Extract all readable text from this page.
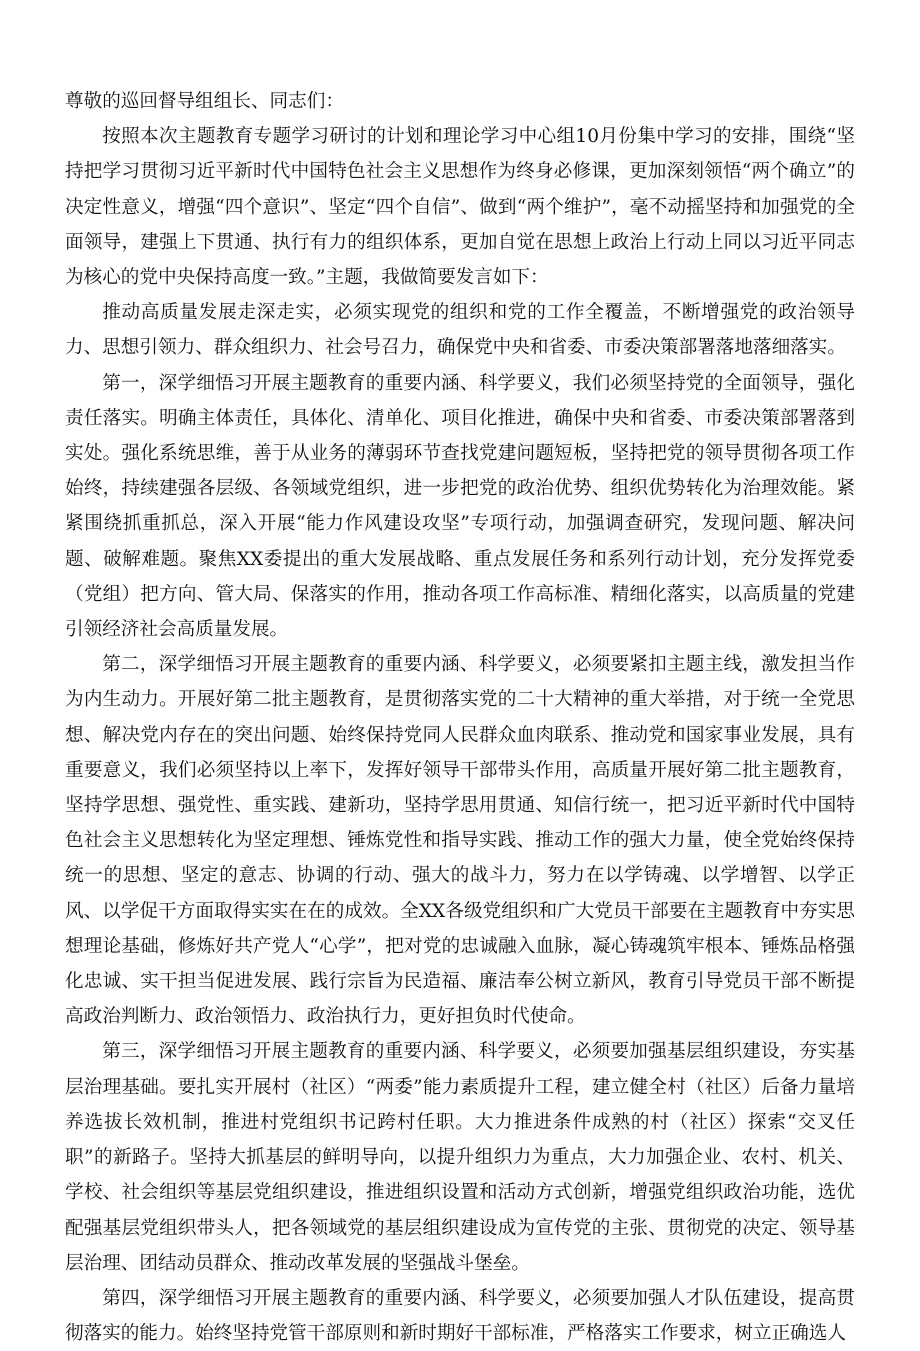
尊敬的巡回督导组组长、同志们：

按照本次主题教育专题学习研讨的计划和理论学习中心组10月份集中学习的安排，围绕“坚持把学习贯彻习近平新时代中国特色社会主义思想作为终身必修课，更加深刻领悟“两个确立”的决定性意义，增强“四个意识”、坚定“四个自信”、做到“两个维护”，毫不动摇坚持和加强党的全面领导，建强上下贯通、执行有力的组织体系，更加自觉在思想上政治上行动上同以习近平同志为核心的党中央保持高度一致。”主题，我做简要发言如下：

推动高质量发展走深走实，必须实现党的组织和党的工作全覆盖，不断增强党的政治领导力、思想引领力、群众组织力、社会号召力，确保党中央和省委、市委决策部署落地落细落实。

第一，深学细悟习开展主题教育的重要内涵、科学要义，我们必须坚持党的全面领导，强化责任落实。明确主体责任，具体化、清单化、项目化推进，确保中央和省委、市委决策部署落到实处。强化系统思维，善于从业务的薄弱环节查找党建问题短板，坚持把党的领导贯彻各项工作始终，持续建强各层级、各领域党组织，进一步把党的政治优势、组织优势转化为治理效能。紧紧围绕抓重抓总，深入开展“能力作风建设攻坚”专项行动，加强调查研究，发现问题、解决问题、破解难题。聚焦XX委提出的重大发展战略、重点发展任务和系列行动计划，充分发挥党委（党组）把方向、管大局、保落实的作用，推动各项工作高标准、精细化落实，以高质量的党建引领经济社会高质量发展。

第二，深学细悟习开展主题教育的重要内涵、科学要义，必须要紧扣主题主线，激发担当作为内生动力。开展好第二批主题教育，是贯彻落实党的二十大精神的重大举措，对于统一全党思想、解决党内存在的突出问题、始终保持党同人民群众血肉联系、推动党和国家事业发展，具有重要意义，我们必须坚持以上率下，发挥好领导干部带头作用，高质量开展好第二批主题教育，坚持学思想、强党性、重实践、建新功，坚持学思用贯通、知信行统一，把习近平新时代中国特色社会主义思想转化为坚定理想、锤炼党性和指导实践、推动工作的强大力量，使全党始终保持统一的思想、坚定的意志、协调的行动、强大的战斗力，努力在以学铸魂、以学增智、以学正风、以学促干方面取得实实在在的成效。全XX各级党组织和广大党员干部要在主题教育中夯实思想理论基础，修炼好共产党人“心学”，把对党的忠诚融入血脉，凝心铸魂筑牢根本、锤炼品格强化忠诚、实干担当促进发展、践行宗旨为民造福、廉洁奉公树立新风，教育引导党员干部不断提高政治判断力、政治领悟力、政治执行力，更好担负时代使命。

第三，深学细悟习开展主题教育的重要内涵、科学要义，必须要加强基层组织建设，夯实基层治理基础。要扎实开展村（社区）“两委”能力素质提升工程，建立健全村（社区）后备力量培养选拔长效机制，推进村党组织书记跨村任职。大力推进条件成熟的村（社区）探索“交叉任职”的新路子。坚持大抓基层的鲜明导向，以提升组织力为重点，大力加强企业、农村、机关、学校、社会组织等基层党组织建设，推进组织设置和活动方式创新，增强党组织政治功能，选优配强基层党组织带头人，把各领域党的基层组织建设成为宣传党的主张、贯彻党的决定、领导基层治理、团结动员群众、推动改革发展的坚强战斗堡垒。

第四，深学细悟习开展主题教育的重要内涵、科学要义，必须要加强人才队伍建设，提高贯彻落实的能力。始终坚持党管干部原则和新时期好干部标准，严格落实工作要求，树立正确选人
